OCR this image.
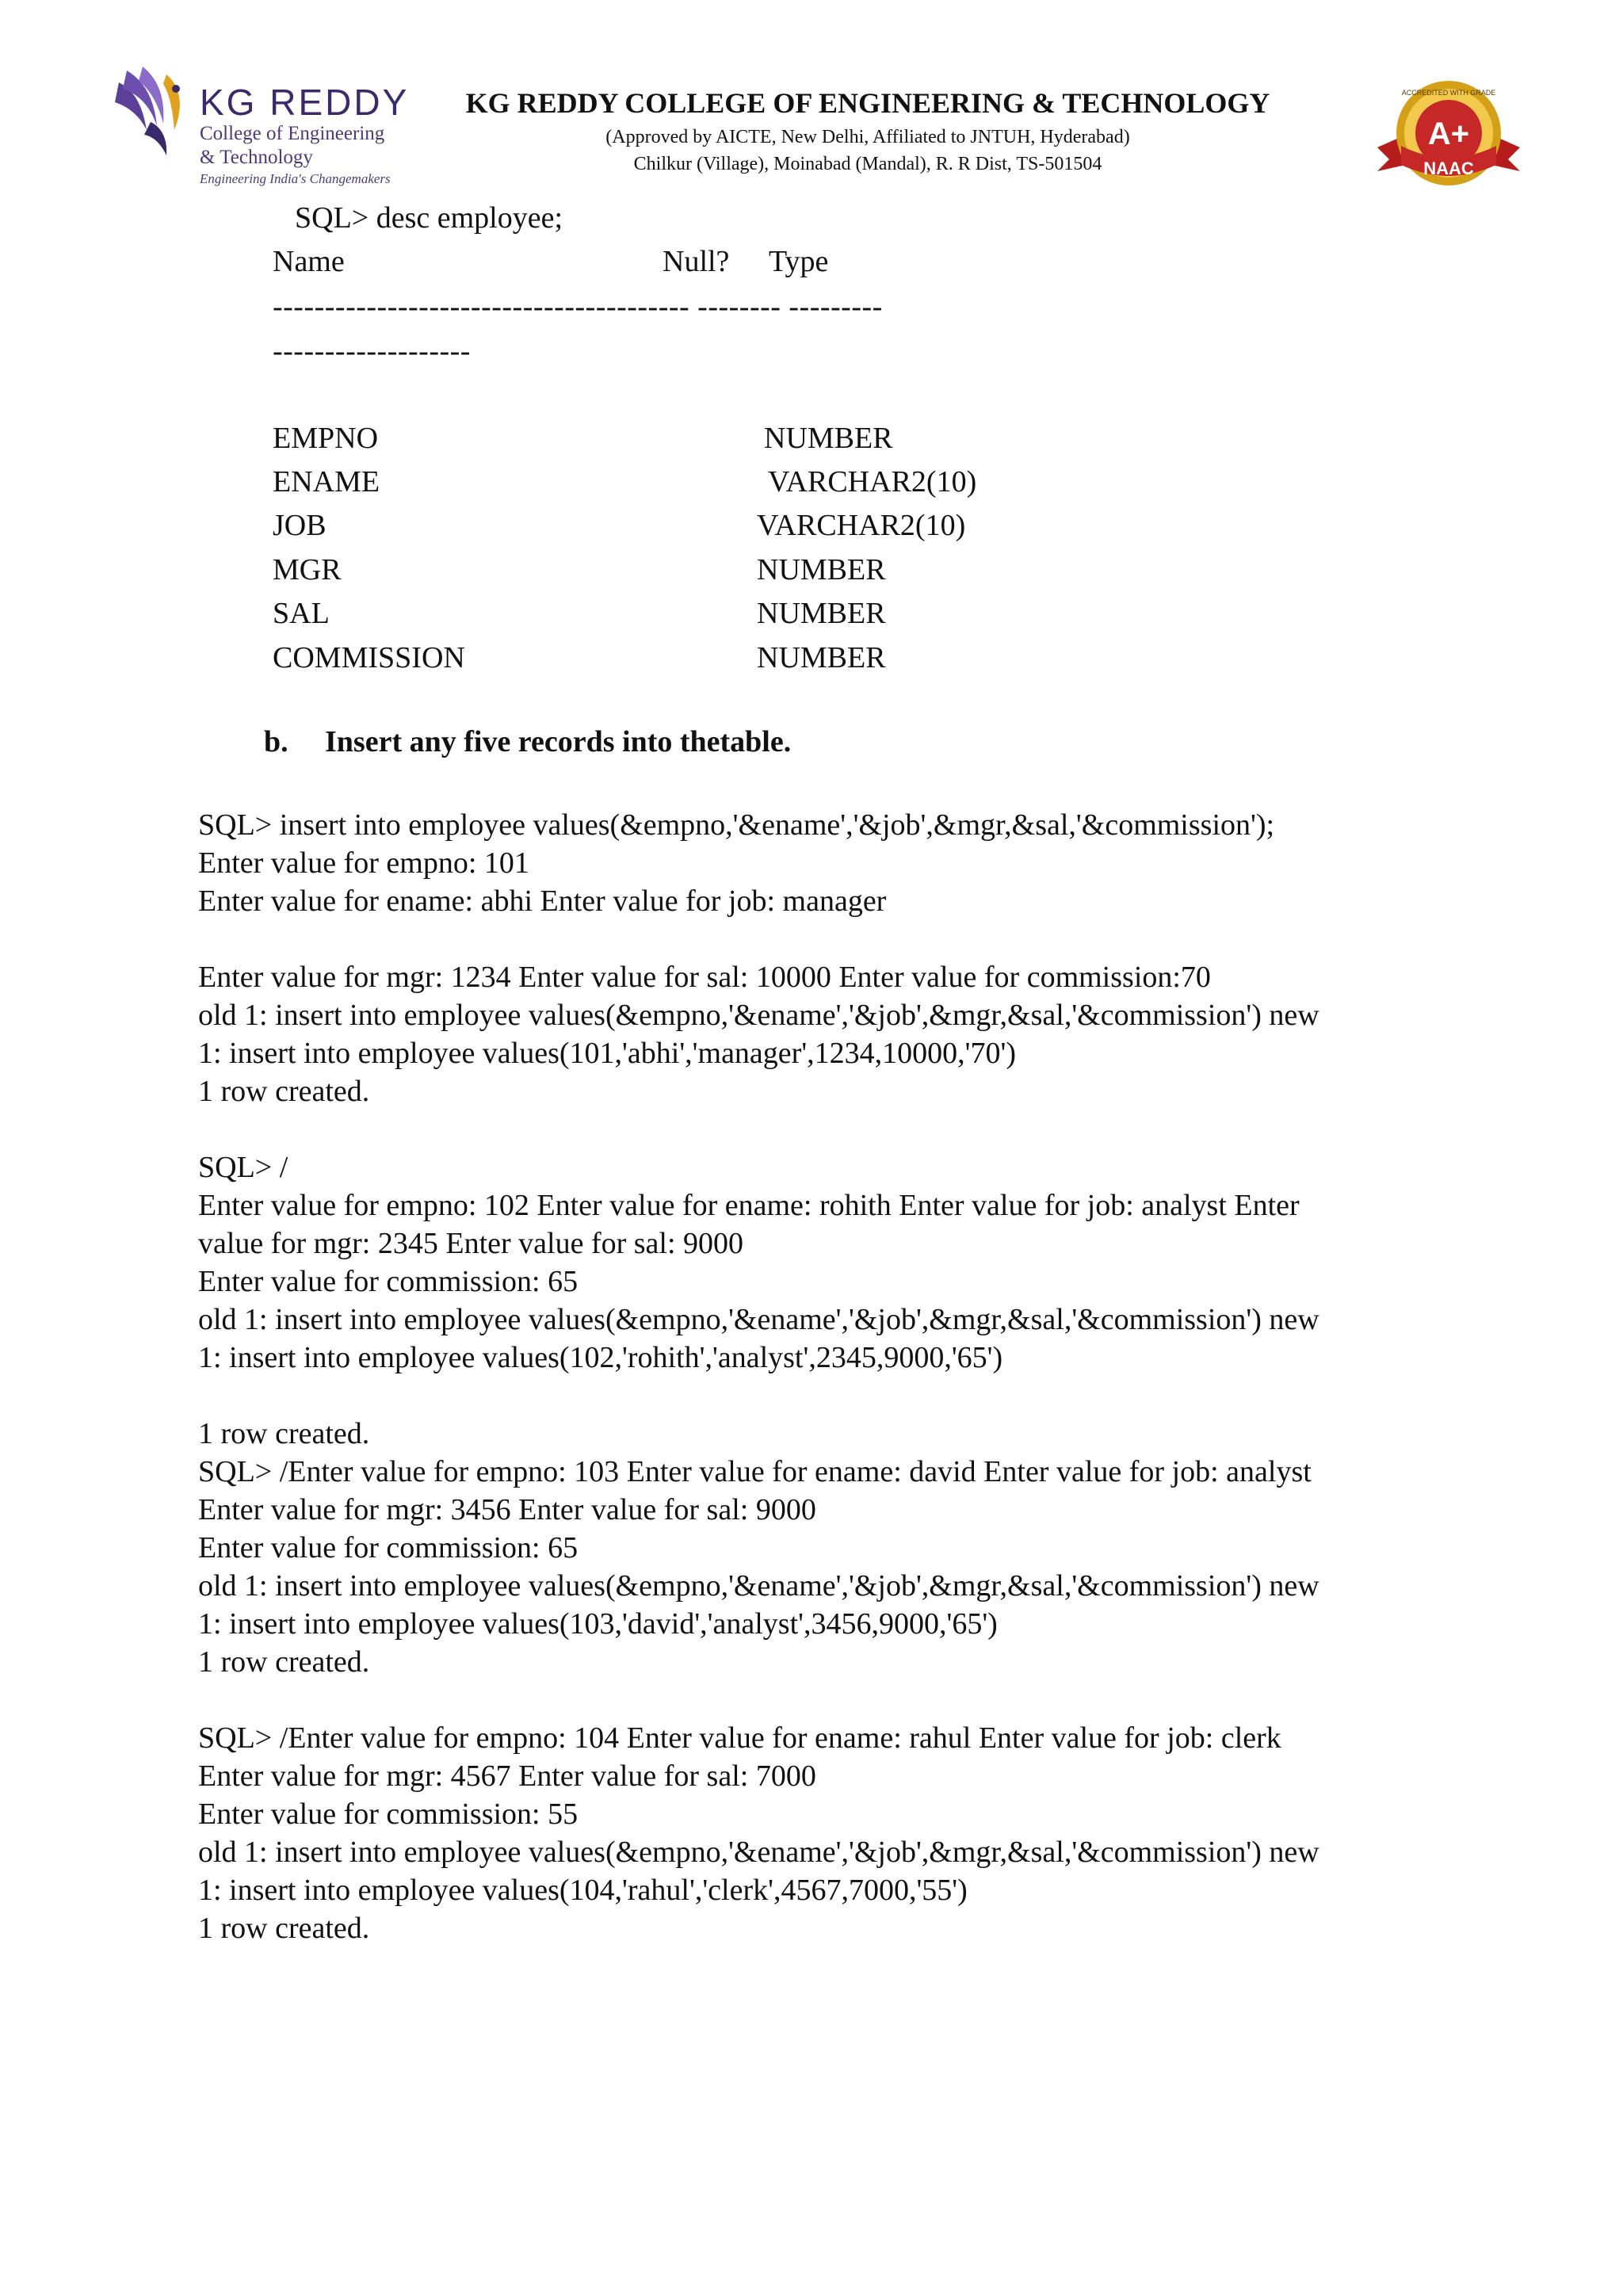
KG REDDY
College of Engineering
& Technology
Engineering India's Changemakers
KG REDDY COLLEGE OF ENGINEERING & TECHNOLOGY
(Approved by AICTE, New Delhi, Affiliated to JNTUH, Hyderabad)
Chilkur (Village), Moinabad (Mandal), R. R Dist, TS-501504
A+
NAAC
ACCREDITED WITH GRADE
SQL> desc employee;
Name	Null? Type
---------------------------------------- -------- ---------
-------------------
EMPNO	NUMBER
ENAME	VARCHAR2(10)
JOB	VARCHAR2(10)
MGR	NUMBER
SAL	NUMBER
COMMISSION	NUMBER
b. Insert any five records into thetable.
SQL> insert into employee values(&empno,'&ename','&job',&mgr,&sal,'&commission');
Enter value for empno: 101
Enter value for ename: abhi Enter value for job: manager
Enter value for mgr: 1234 Enter value for sal: 10000 Enter value for commission:70
old 1: insert into employee values(&empno,'&ename','&job',&mgr,&sal,'&commission') new
1: insert into employee values(101,'abhi','manager',1234,10000,'70')
1 row created.
SQL> /
Enter value for empno: 102 Enter value for ename: rohith Enter value for job: analyst Enter
value for mgr: 2345 Enter value for sal: 9000
Enter value for commission: 65
old 1: insert into employee values(&empno,'&ename','&job',&mgr,&sal,'&commission') new
1: insert into employee values(102,'rohith','analyst',2345,9000,'65')
1 row created.
SQL> /Enter value for empno: 103 Enter value for ename: david Enter value for job: analyst
Enter value for mgr: 3456 Enter value for sal: 9000
Enter value for commission: 65
old 1: insert into employee values(&empno,'&ename','&job',&mgr,&sal,'&commission') new
1: insert into employee values(103,'david','analyst',3456,9000,'65')
1 row created.
SQL> /Enter value for empno: 104 Enter value for ename: rahul Enter value for job: clerk
Enter value for mgr: 4567 Enter value for sal: 7000
Enter value for commission: 55
old 1: insert into employee values(&empno,'&ename','&job',&mgr,&sal,'&commission') new
1: insert into employee values(104,'rahul','clerk',4567,7000,'55')
1 row created.
